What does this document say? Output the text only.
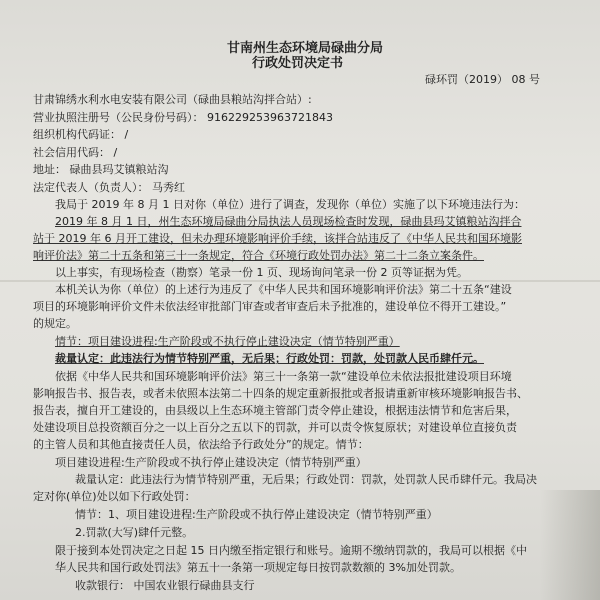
甘南州生态环境局碌曲分局
行政处罚决定书
碌环罚（2019） 08 号
甘肃锦绣水利水电安装有限公司（碌曲县粮站沟拌合站）:
营业执照注册号（公民身份号码）： 916229253963721843
组织机构代码证： /
社会信用代码： /
地址： 碌曲县玛艾镇粮站沟
法定代表人（负责人）： 马秀红
我局于 2019 年 8 月 1 日对你（单位）进行了调查，发现你（单位）实施了以下环境违法行为：
2019 年 8 月 1 日，州生态环境局碌曲分局执法人员现场检查时发现，碌曲县玛艾镇粮站沟拌合
站于 2019 年 6 月开工建设，但未办理环境影响评价手续，该拌合站违反了《中华人民共和国环境影
响评价法》第二十五条和第三十一条规定，符合《环境行政处罚办法》第二十二条立案条件。
以上事实，有现场检查（勘察）笔录一份 1 页、现场询问笔录一份 2 页等证据为凭。
本机关认为你（单位）的上述行为违反了《中华人民共和国环境影响评价法》第二十五条“建设
项目的环境影响评价文件未依法经审批部门审查或者审查后未予批准的，建设单位不得开工建设。”
的规定。
情节：项目建设进程:生产阶段或不执行停止建设决定（情节特别严重）
裁量认定：此违法行为情节特别严重，无后果；行政处罚：罚款，处罚款人民币肆仟元。
依据《中华人民共和国环境影响评价法》第三十一条第一款“建设单位未依法报批建设项目环境
影响报告书、报告表，或者未依照本法第二十四条的规定重新报批或者报请重新审核环境影响报告书、
报告表，擅自开工建设的，由县级以上生态环境主管部门责令停止建设，根据违法情节和危害后果，
处建设项目总投资额百分之一以上百分之五以下的罚款，并可以责令恢复原状；对建设单位直接负责
的主管人员和其他直接责任人员，依法给予行政处分”的规定。情节：
项目建设进程:生产阶段或不执行停止建设决定（情节特别严重）
裁量认定：此违法行为情节特别严重，无后果；行政处罚：罚款，处罚款人民币肆仟元。我局决
定对你(单位)处以如下行政处罚：
情节：1、项目建设进程:生产阶段或不执行停止建设决定（情节特别严重）
2.罚款(大写)肆仟元整。
限于接到本处罚决定之日起 15 日内缴至指定银行和账号。逾期不缴纳罚款的，我局可以根据《中
华人民共和国行政处罚法》第五十一条第一项规定每日按罚款数额的 3%加处罚款。
收款银行： 中国农业银行碌曲县支行
